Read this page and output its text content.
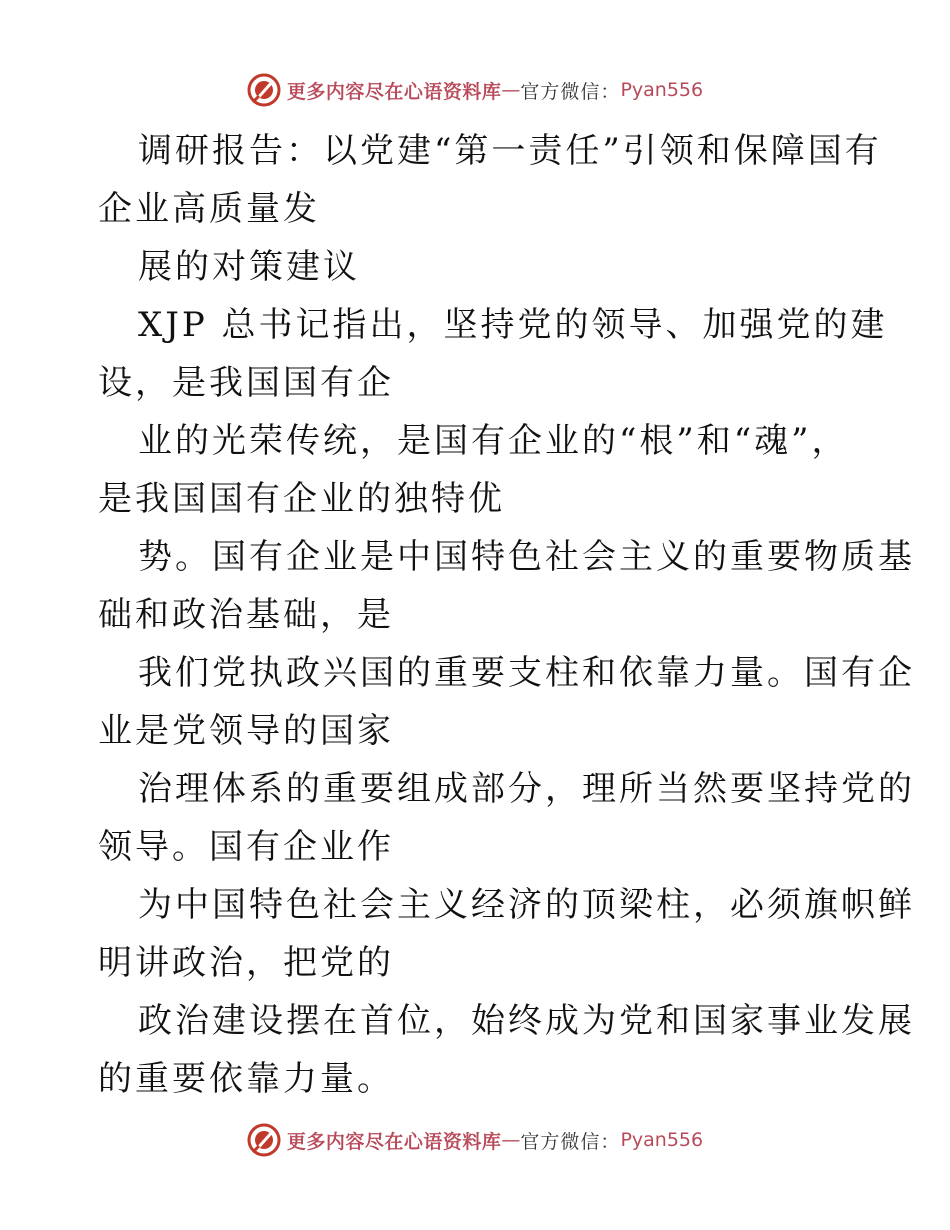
更多内容尽在心语资料库 — 官方微信： Pyan556
调研报告：以党建“第一责任”引领和保障国有
企业高质量发
展的对策建议
XJP 总书记指出，坚持党的领导、加强党的建
设，是我国国有企
业的光荣传统，是国有企业的“根”和“魂”，
是我国国有企业的独特优
势。国有企业是中国特色社会主义的重要物质基
础和政治基础，是
我们党执政兴国的重要支柱和依靠力量。国有企
业是党领导的国家
治理体系的重要组成部分，理所当然要坚持党的
领导。国有企业作
为中国特色社会主义经济的顶梁柱，必须旗帜鲜
明讲政治，把党的
政治建设摆在首位，始终成为党和国家事业发展
的重要依靠力量。
更多内容尽在心语资料库 — 官方微信： Pyan556
